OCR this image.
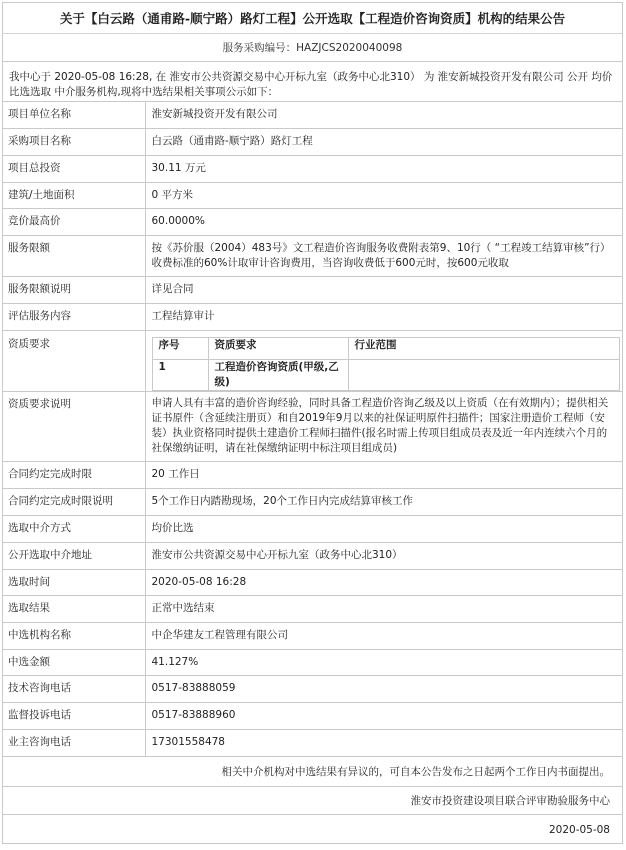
关于【白云路（通甫路-顺宁路）路灯工程】公开选取【工程造价咨询资质】机构的结果公告
服务采购编号：HAZJCS2020040098
我中心于 2020-05-08 16:28, 在 淮安市公共资源交易中心开标九室（政务中心北310） 为 淮安新城投资开发有限公司 公开 均价比选选取 中介服务机构,现将中选结果相关事项公示如下：
项目单位名称	淮安新城投资开发有限公司
采购项目名称	白云路（通甫路-顺宁路）路灯工程
项目总投资	30.11 万元
建筑/土地面积	0 平方米
竞价最高价	60.0000%
服务限额	按《苏价服（2004）483号》文工程造价咨询服务收费附表第9、10行（ “工程竣工结算审核”行）收费标准的60%计取审计咨询费用，当咨询收费低于600元时，按600元收取
服务限额说明	详见合同
评估服务内容	工程结算审计
资质要求		序号	资质要求	行业范围
1	工程造价咨询资质(甲级,乙级)	

资质要求说明	申请人具有丰富的造价咨询经验，同时具备工程造价咨询乙级及以上资质（在有效期内）；提供相关证书原件（含延续注册页）和自2019年9月以来的社保证明原件扫描件；国家注册造价工程师（安装）执业资格同时提供土建造价工程师扫描件(报名时需上传项目组成员表及近一年内连续六个月的社保缴纳证明，请在社保缴纳证明中标注项目组成员)
合同约定完成时限	20 工作日
合同约定完成时限说明	5个工作日内踏勘现场，20个工作日内完成结算审核工作
选取中介方式	均价比选
公开选取中介地址	淮安市公共资源交易中心开标九室（政务中心北310）
选取时间	2020-05-08 16:28
选取结果	正常中选结束
中选机构名称	中企华建友工程管理有限公司
中选金额	41.127%
技术咨询电话	0517-83888059
监督投诉电话	0517-83888960
业主咨询电话	17301558478
相关中介机构对中选结果有异议的，可自本公告发布之日起两个工作日内书面提出。
淮安市投资建设项目联合评审勘验服务中心
2020-05-08
